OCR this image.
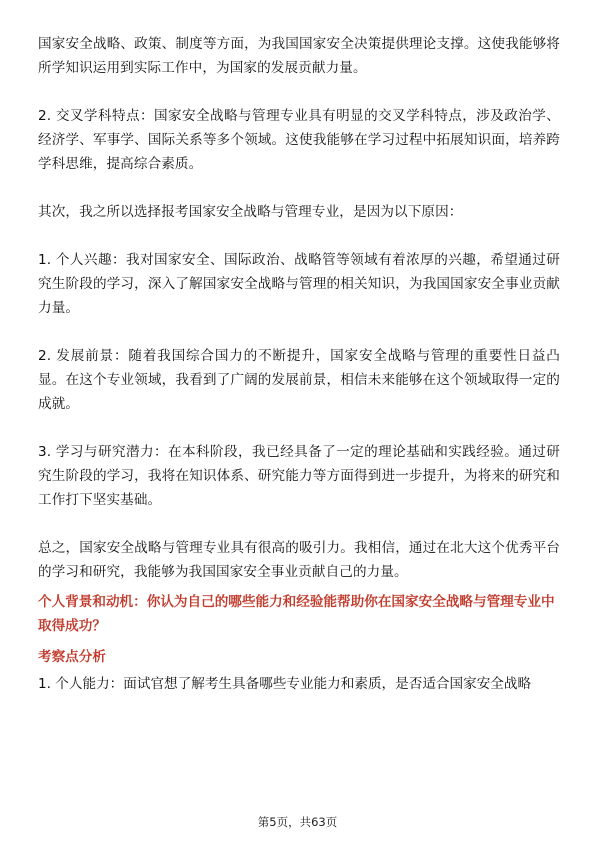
国家安全战略、政策、制度等方面，为我国国家安全决策提供理论支撑。这使我能够将所学知识运用到实际工作中，为国家的发展贡献力量。

2. 交叉学科特点：国家安全战略与管理专业具有明显的交叉学科特点，涉及政治学、经济学、军事学、国际关系等多个领域。这使我能够在学习过程中拓展知识面，培养跨学科思维，提高综合素质。

其次，我之所以选择报考国家安全战略与管理专业，是因为以下原因：

1. 个人兴趣：我对国家安全、国际政治、战略管等领域有着浓厚的兴趣，希望通过研究生阶段的学习，深入了解国家安全战略与管理的相关知识，为我国国家安全事业贡献力量。

2. 发展前景：随着我国综合国力的不断提升，国家安全战略与管理的重要性日益凸显。在这个专业领域，我看到了广阔的发展前景，相信未来能够在这个领域取得一定的成就。

3. 学习与研究潜力：在本科阶段，我已经具备了一定的理论基础和实践经验。通过研究生阶段的学习，我将在知识体系、研究能力等方面得到进一步提升，为将来的研究和工作打下坚实基础。

总之，国家安全战略与管理专业具有很高的吸引力。我相信，通过在北大这个优秀平台的学习和研究，我能够为我国国家安全事业贡献自己的力量。

个人背景和动机：你认为自己的哪些能力和经验能帮助你在国家安全战略与管理专业中取得成功？

考察点分析

1. 个人能力：面试官想了解考生具备哪些专业能力和素质，是否适合国家安全战略

第5页，共63页
